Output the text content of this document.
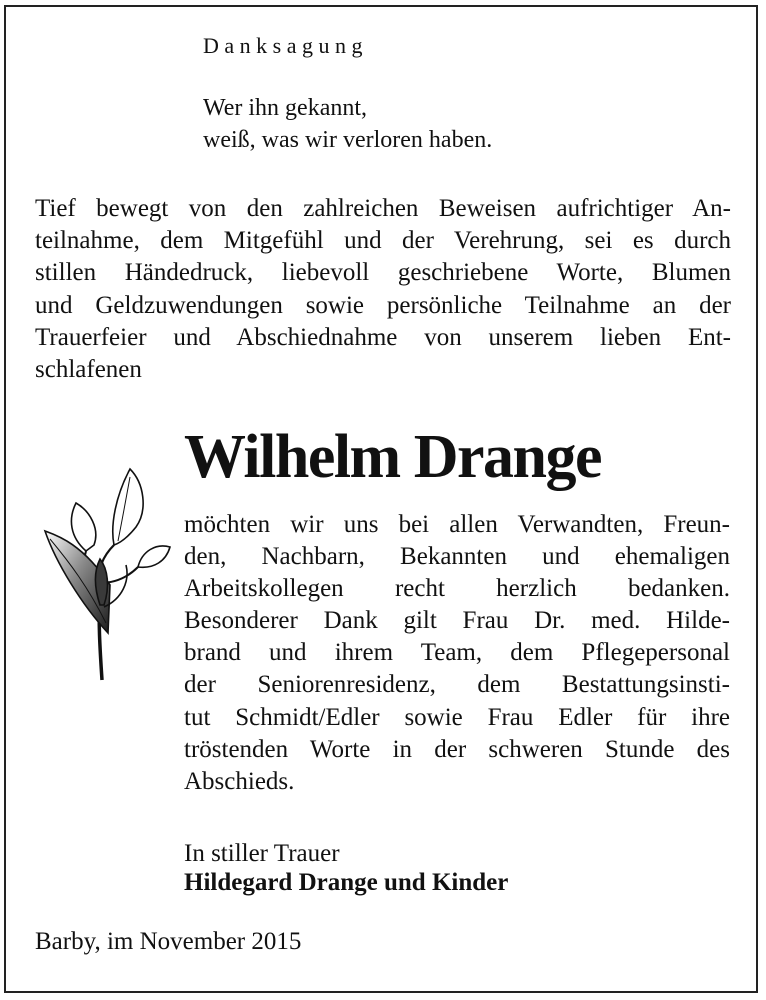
Danksagung
Wer ihn gekannt,
weiß, was wir verloren haben.
Tief bewegt von den zahlreichen Beweisen aufrichtiger An-
teilnahme, dem Mitgefühl und der Verehrung, sei es durch
stillen Händedruck, liebevoll geschriebene Worte, Blumen
und Geldzuwendungen sowie persönliche Teilnahme an der
Trauerfeier und Abschiednahme von unserem lieben Ent-
schlafenen
Wilhelm Drange
möchten wir uns bei allen Verwandten, Freun-
den, Nachbarn, Bekannten und ehemaligen
Arbeitskollegen recht herzlich bedanken.
Besonderer Dank gilt Frau Dr. med. Hilde-
brand und ihrem Team, dem Pflegepersonal
der Seniorenresidenz, dem Bestattungsinsti-
tut Schmidt/Edler sowie Frau Edler für ihre
tröstenden Worte in der schweren Stunde des
Abschieds.
In stiller Trauer
Hildegard Drange und Kinder
Barby, im November 2015
